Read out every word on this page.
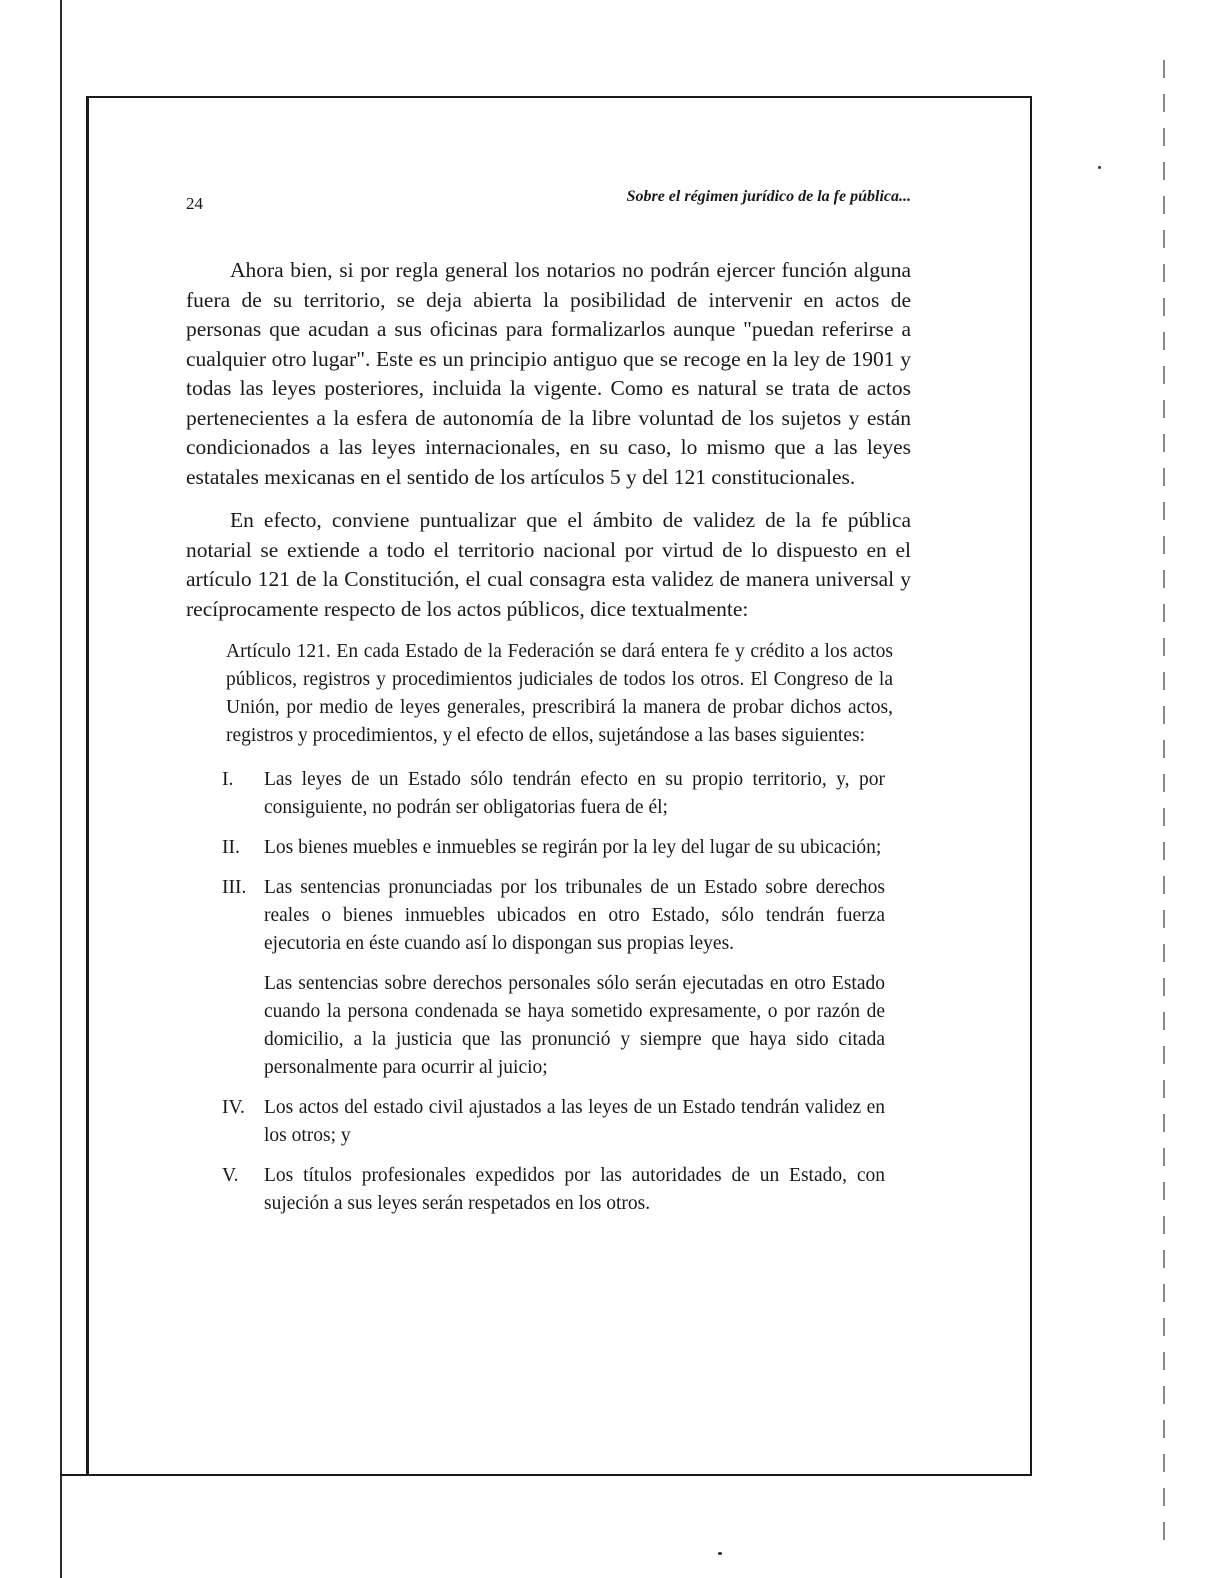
24	Sobre el régimen jurídico de la fe pública...

Ahora bien, si por regla general los notarios no podrán ejercer función alguna fuera de su territorio, se deja abierta la posibilidad de intervenir en actos de personas que acudan a sus oficinas para formalizarlos aunque "puedan referirse a cualquier otro lugar". Este es un principio antiguo que se recoge en la ley de 1901 y todas las leyes posteriores, incluida la vigente. Como es natural se trata de actos pertenecientes a la esfera de autonomía de la libre voluntad de los sujetos y están condicionados a las leyes internacionales, en su caso, lo mismo que a las leyes estatales mexicanas en el sentido de los artículos 5 y del 121 constitucionales.

En efecto, conviene puntualizar que el ámbito de validez de la fe pública notarial se extiende a todo el territorio nacional por virtud de lo dispuesto en el artículo 121 de la Constitución, el cual consagra esta validez de manera universal y recíprocamente respecto de los actos públicos, dice textualmente:

Artículo 121. En cada Estado de la Federación se dará entera fe y crédito a los actos públicos, registros y procedimientos judiciales de todos los otros. El Congreso de la Unión, por medio de leyes generales, prescribirá la manera de probar dichos actos, registros y procedimientos, y el efecto de ellos, sujetándose a las bases siguientes:

I.	Las leyes de un Estado sólo tendrán efecto en su propio territorio, y, por consiguiente, no podrán ser obligatorias fuera de él;
II.	Los bienes muebles e inmuebles se regirán por la ley del lugar de su ubicación;
III. Las sentencias pronunciadas por los tribunales de un Estado sobre derechos reales o bienes inmuebles ubicados en otro Estado, sólo tendrán fuerza ejecutoria en éste cuando así lo dispongan sus propias leyes.
Las sentencias sobre derechos personales sólo serán ejecutadas en otro Estado cuando la persona condenada se haya sometido expresamente, o por razón de domicilio, a la justicia que las pronunció y siempre que haya sido citada personalmente para ocurrir al juicio;
IV. Los actos del estado civil ajustados a las leyes de un Estado tendrán validez en los otros; y
V.	Los títulos profesionales expedidos por las autoridades de un Estado, con sujeción a sus leyes serán respetados en los otros.
